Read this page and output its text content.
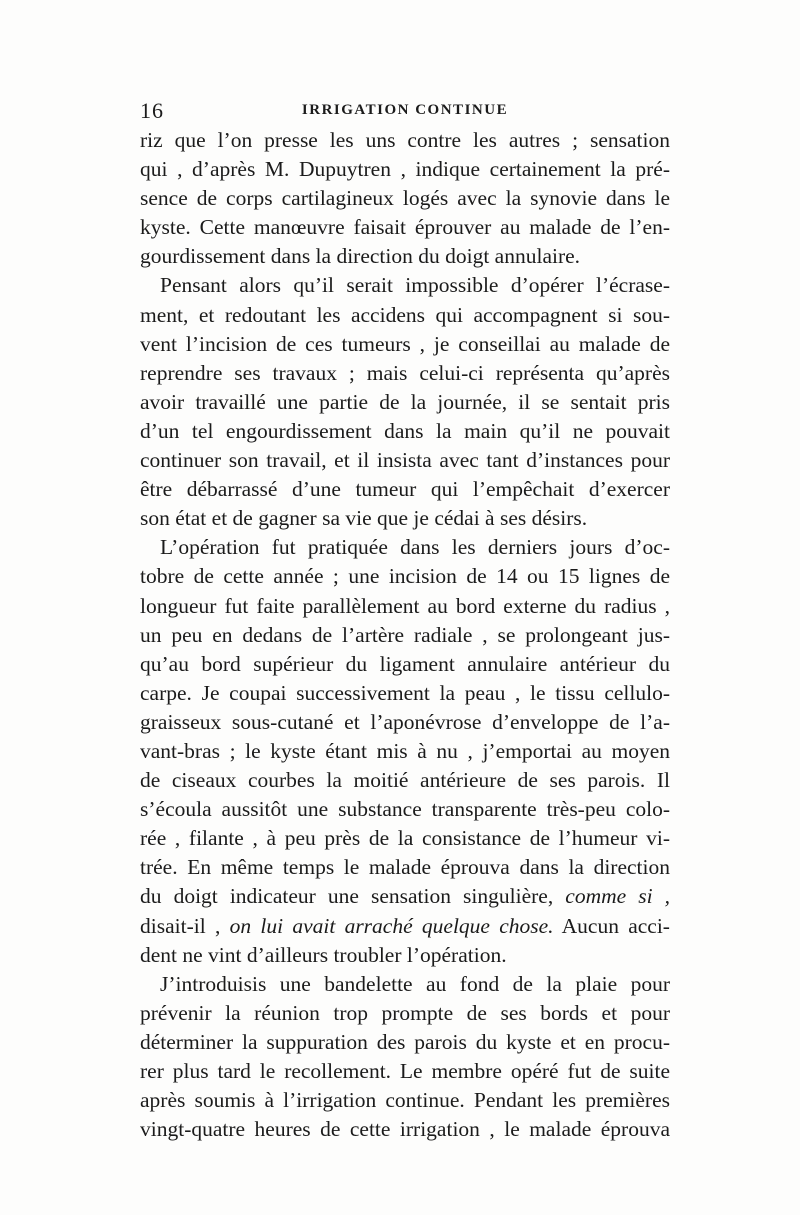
16	IRRIGATION CONTINUE
riz que l’on presse les uns contre les autres ; sensation
qui , d’après M. Dupuytren , indique certainement la pré-
sence de corps cartilagineux logés avec la synovie dans le
kyste. Cette manœuvre faisait éprouver au malade de l’en-
gourdissement dans la direction du doigt annulaire.
Pensant alors qu’il serait impossible d’opérer l’écrase-
ment, et redoutant les accidens qui accompagnent si sou-
vent l’incision de ces tumeurs , je conseillai au malade de
reprendre ses travaux ; mais celui-ci représenta qu’après
avoir travaillé une partie de la journée, il se sentait pris
d’un tel engourdissement dans la main qu’il ne pouvait
continuer son travail, et il insista avec tant d’instances pour
être débarrassé d’une tumeur qui l’empêchait d’exercer
son état et de gagner sa vie que je cédai à ses désirs.
L’opération fut pratiquée dans les derniers jours d’oc-
tobre de cette année ; une incision de 14 ou 15 lignes de
longueur fut faite parallèlement au bord externe du radius ,
un peu en dedans de l’artère radiale , se prolongeant jus-
qu’au bord supérieur du ligament annulaire antérieur du
carpe. Je coupai successivement la peau , le tissu cellulo-
graisseux sous-cutané et l’aponévrose d’enveloppe de l’a-
vant-bras ; le kyste étant mis à nu , j’emportai au moyen
de ciseaux courbes la moitié antérieure de ses parois. Il
s’écoula aussitôt une substance transparente très-peu colo-
rée , filante , à peu près de la consistance de l’humeur vi-
trée. En même temps le malade éprouva dans la direction
du doigt indicateur une sensation singulière, comme si ,
disait-il , on lui avait arraché quelque chose. Aucun acci-
dent ne vint d’ailleurs troubler l’opération.
J’introduisis une bandelette au fond de la plaie pour
prévenir la réunion trop prompte de ses bords et pour
déterminer la suppuration des parois du kyste et en procu-
rer plus tard le recollement. Le membre opéré fut de suite
après soumis à l’irrigation continue. Pendant les premières
vingt-quatre heures de cette irrigation , le malade éprouva
